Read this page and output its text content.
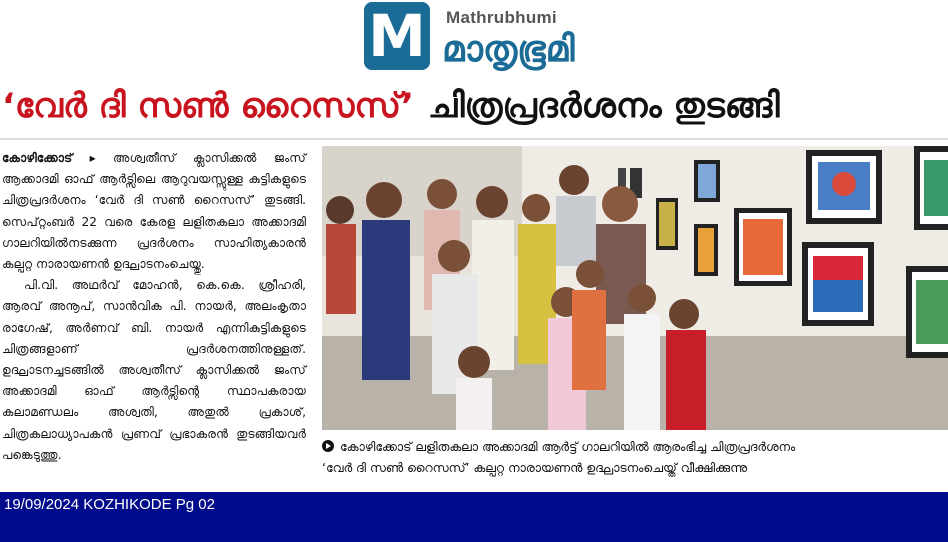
M Mathrubhumi
മാതൃഭൂമി
‘വേർ ദി സൺ റൈസസ്’ ചിത്രപ്രദർശനം തുടങ്ങി

കോഴിക്കോട് ▸ അശ്വതീസ് ക്ലാസിക്കൽ ജംസ് ആക്കാദമി ഓഫ് ആർട്സിലെ ആറുവയസ്സുള്ള കുട്ടികളുടെ ചിത്രപ്രദർശനം ‘വേർ ദി സൺ റൈസസ്’ തുടങ്ങി. സെപ്റ്റംബർ 22 വരെ കേരള ലളിതകലാ അക്കാദമി ഗാലറിയിൽനടക്കുന്ന പ്രദർശനം സാഹിത്യകാരൻ കല്പറ്റ നാരായണൻ ഉദ്ഘാടനംചെയ്തു.

പി.വി. അഥർവ് മോഹൻ, കെ.കെ. ശ്രീഹരി, ആരവ് അനൂപ്, സാൻവിക പി. നായർ, അലംകൃതാ രാഗേഷ്, അർണവ് ബി. നായർ എന്നികുട്ടികളുടെ ചിത്രങ്ങളാണ് പ്രദർശനത്തിനുള്ളത്. ഉദ്ഘാടനച്ചടങ്ങിൽ അശ്വതീസ് ക്ലാസിക്കൽ ജംസ് അക്കാദമി ഓഫ് ആർട്സിന്റെ സ്ഥാപകരായ കലാമണ്ഡലം അശ്വതി, അതുൽ പ്രകാശ്, ചിത്രകലാധ്യാപകൻ പ്രണവ് പ്രഭാകരൻ തുടങ്ങിയവർ പങ്കെടുത്തു.

കോഴിക്കോട് ലളിതകലാ അക്കാദമി ആർട്ട് ഗാലറിയിൽ ആരംഭിച്ച ചിത്രപ്രദർശനം

‘വേർ ദി സൺ റൈസസ്’ കല്പറ്റ നാരായണൻ ഉദ്ഘാടനംചെയ്ത് വീക്ഷിക്കുന്നു

19/09/2024 KOZHIKODE Pg 02
